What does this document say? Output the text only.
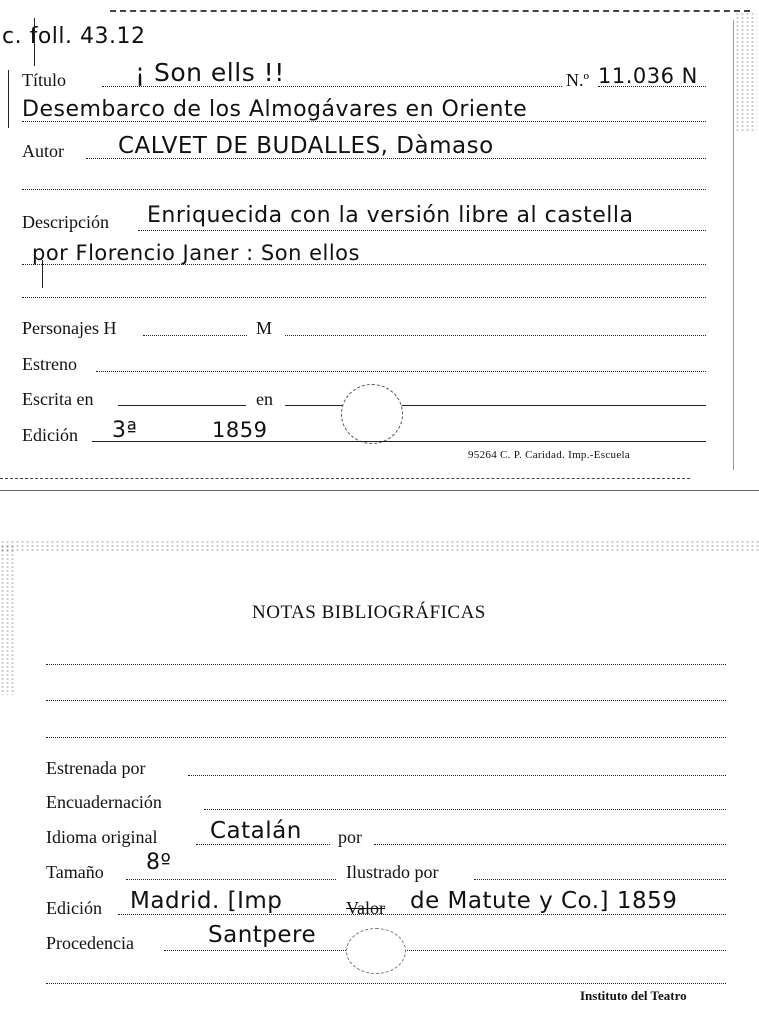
c. foll. 43.12
Título	¡ Son ells !!	N.º 11.036 N
Desembarco de los Almogávares en Oriente
Autor CALVET DE BUDALLES, Dàmaso
Descripción Enriquecida con la versión libre al castella
por Florencio Janer : Son ellos
Personajes H	M
Estreno
Escrita en	en
Edición 3ª	1859
95264 C. P. Caridad. Imp.-Escuela
NOTAS BIBLIOGRÁFICAS
Estrenada por
Encuadernación
Idioma original Catalán por
Tamaño 8º	Ilustrado por
Edición Madrid. [Imp	Valor de Matute y Co.] 1859
Procedencia	Santpere
Instituto del Teatro
